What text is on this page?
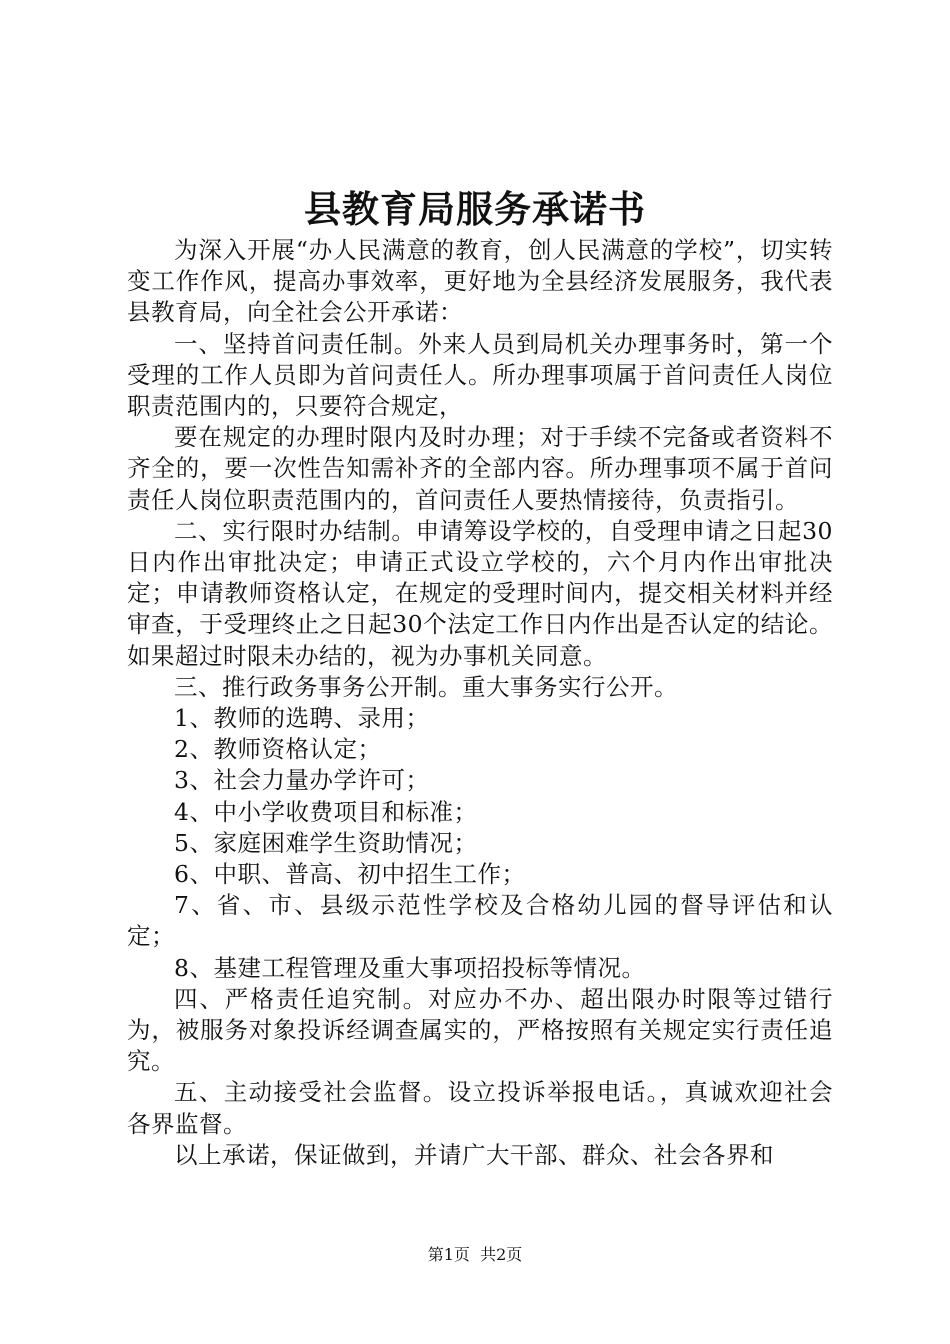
县教育局服务承诺书

为深入开展“办人民满意的教育，创人民满意的学校”，切实转变工作作风，提高办事效率，更好地为全县经济发展服务，我代表县教育局，向全社会公开承诺：

一、坚持首问责任制。外来人员到局机关办理事务时，第一个受理的工作人员即为首问责任人。所办理事项属于首问责任人岗位职责范围内的，只要符合规定，

要在规定的办理时限内及时办理；对于手续不完备或者资料不齐全的，要一次性告知需补齐的全部内容。所办理事项不属于首问责任人岗位职责范围内的，首问责任人要热情接待，负责指引。

二、实行限时办结制。申请筹设学校的，自受理申请之日起30日内作出审批决定；申请正式设立学校的，六个月内作出审批决定；申请教师资格认定，在规定的受理时间内，提交相关材料并经审查，于受理终止之日起30个法定工作日内作出是否认定的结论。如果超过时限未办结的，视为办事机关同意。

三、推行政务事务公开制。重大事务实行公开。

1、教师的选聘、录用；

2、教师资格认定；

3、社会力量办学许可；

4、中小学收费项目和标准；

5、家庭困难学生资助情况；

6、中职、普高、初中招生工作；

7、省、市、县级示范性学校及合格幼儿园的督导评估和认定；

8、基建工程管理及重大事项招投标等情况。

四、严格责任追究制。对应办不办、超出限办时限等过错行为，被服务对象投诉经调查属实的，严格按照有关规定实行责任追究。

五、主动接受社会监督。设立投诉举报电话。，真诚欢迎社会各界监督。

以上承诺，保证做到，并请广大干部、群众、社会各界和

第1页 共2页
